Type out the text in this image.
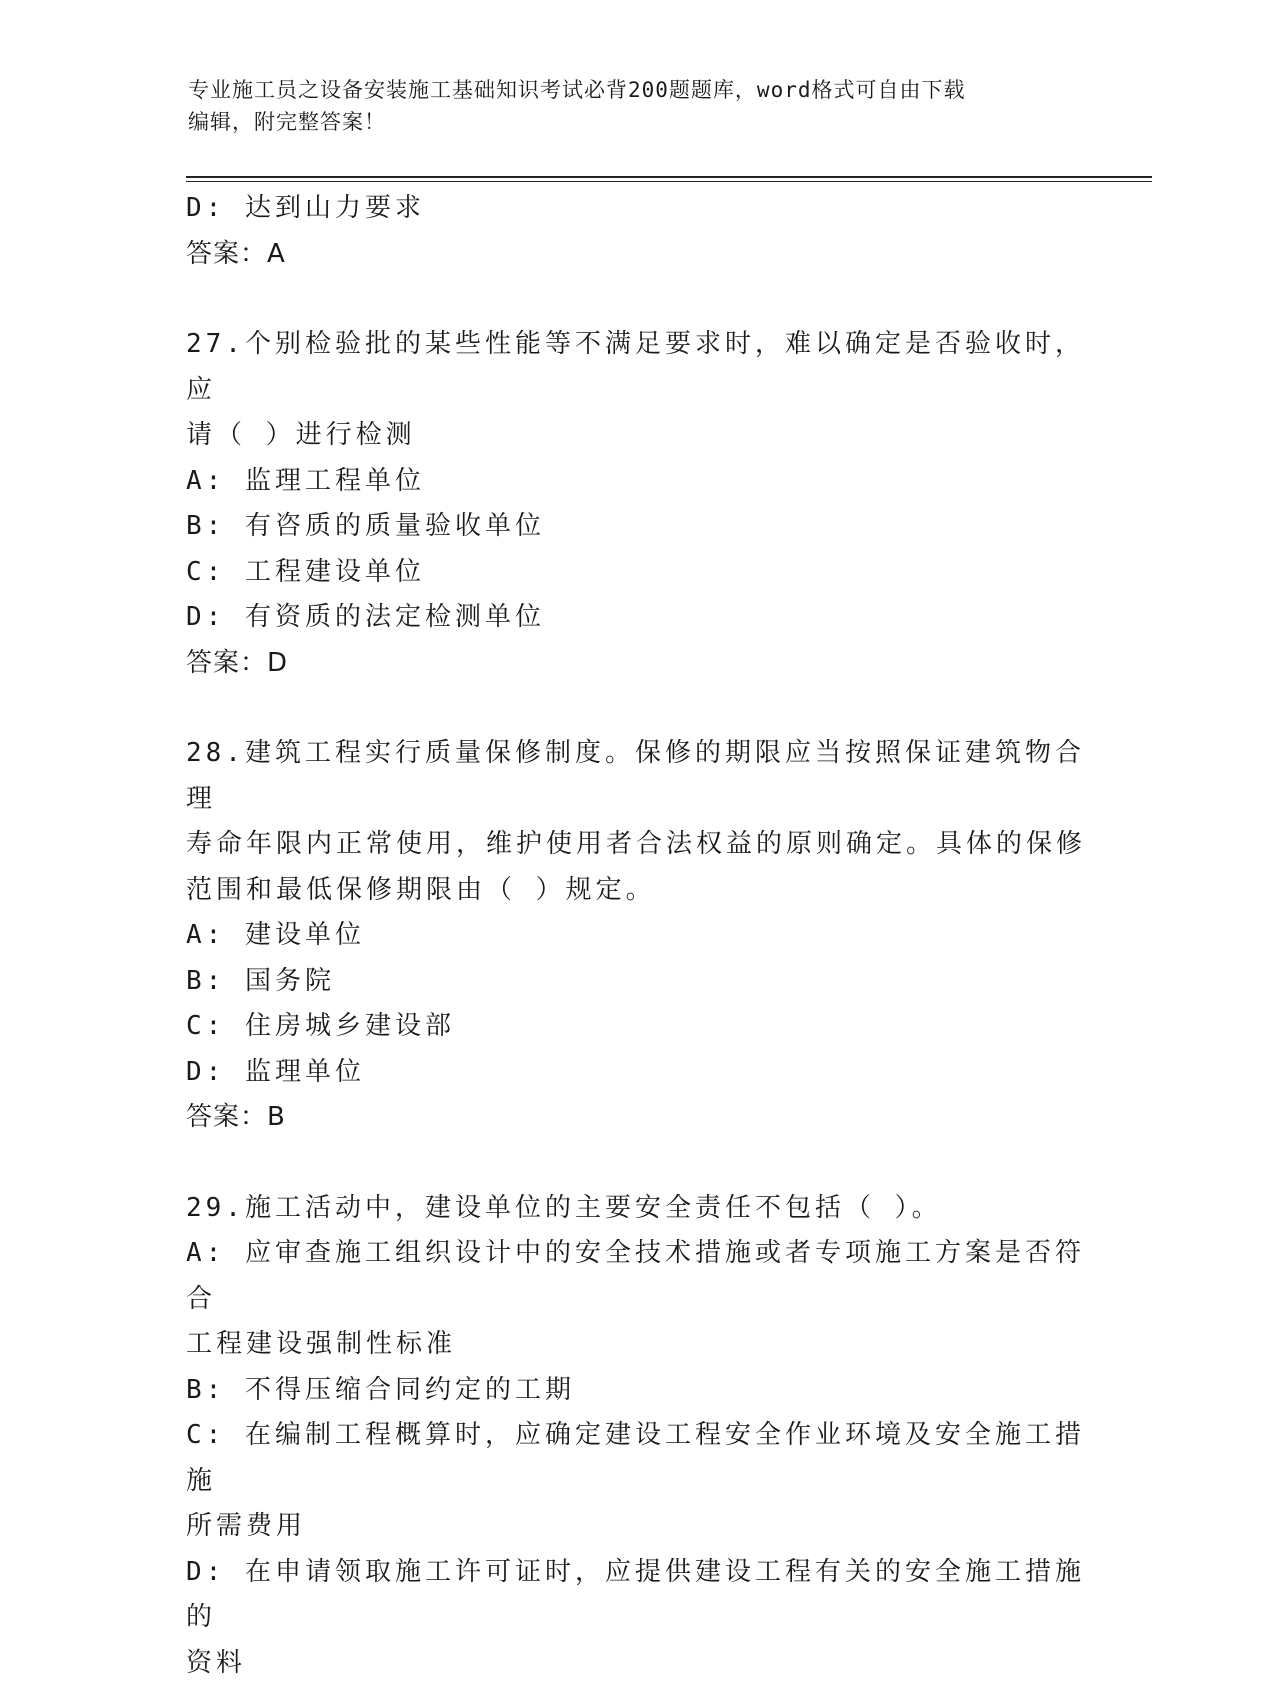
专业施工员之设备安装施工基础知识考试必背200题题库，word格式可自由下载
编辑，附完整答案！
D: 达到山力要求
答案：A
27.个别检验批的某些性能等不满足要求时，难以确定是否验收时，应
请（ ）进行检测
A: 监理工程单位
B: 有咨质的质量验收单位
C: 工程建设单位
D: 有资质的法定检测单位
答案：D
28.建筑工程实行质量保修制度。保修的期限应当按照保证建筑物合理
寿命年限内正常使用，维护使用者合法权益的原则确定。具体的保修
范围和最低保修期限由（ ）规定。
A: 建设单位
B: 国务院
C: 住房城乡建设部
D: 监理单位
答案：B
29.施工活动中，建设单位的主要安全责任不包括（ ）。
A: 应审查施工组织设计中的安全技术措施或者专项施工方案是否符合
工程建设强制性标准
B: 不得压缩合同约定的工期
C: 在编制工程概算时，应确定建设工程安全作业环境及安全施工措施
所需费用
D: 在申请领取施工许可证时，应提供建设工程有关的安全施工措施的
资料
